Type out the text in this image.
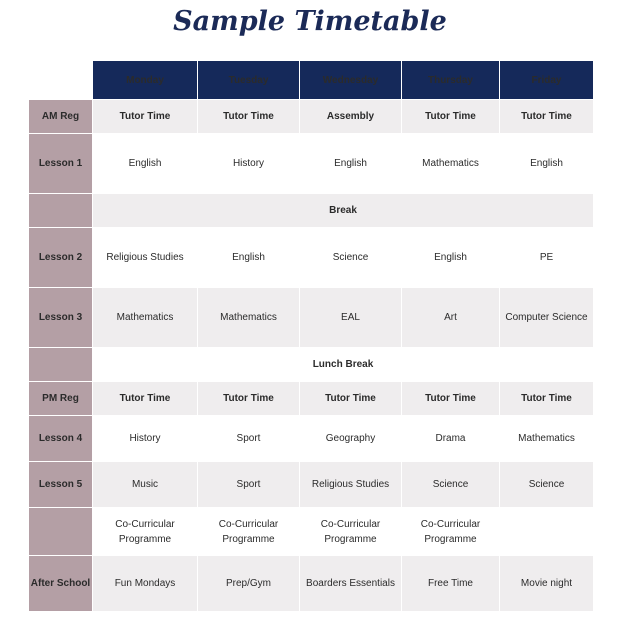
Sample Timetable
	Monday	Tuesday	Wednesday	Thursday	Friday
AM Reg	Tutor Time	Tutor Time	Assembly	Tutor Time	Tutor Time
Lesson 1	English	History	English	Mathematics	English
	Break				
Lesson 2	Religious Studies	English	Science	English	PE
Lesson 3	Mathematics	Mathematics	EAL	Art	Computer Science
	Lunch Break				
PM Reg	Tutor Time	Tutor Time	Tutor Time	Tutor Time	Tutor Time
Lesson 4	History	Sport	Geography	Drama	Mathematics
Lesson 5	Music	Sport	Religious Studies	Science	Science
	Co-Curricular Programme	Co-Curricular Programme	Co-Curricular Programme	Co-Curricular Programme	
After School	Fun Mondays	Prep/Gym	Boarders Essentials	Free Time	Movie night
